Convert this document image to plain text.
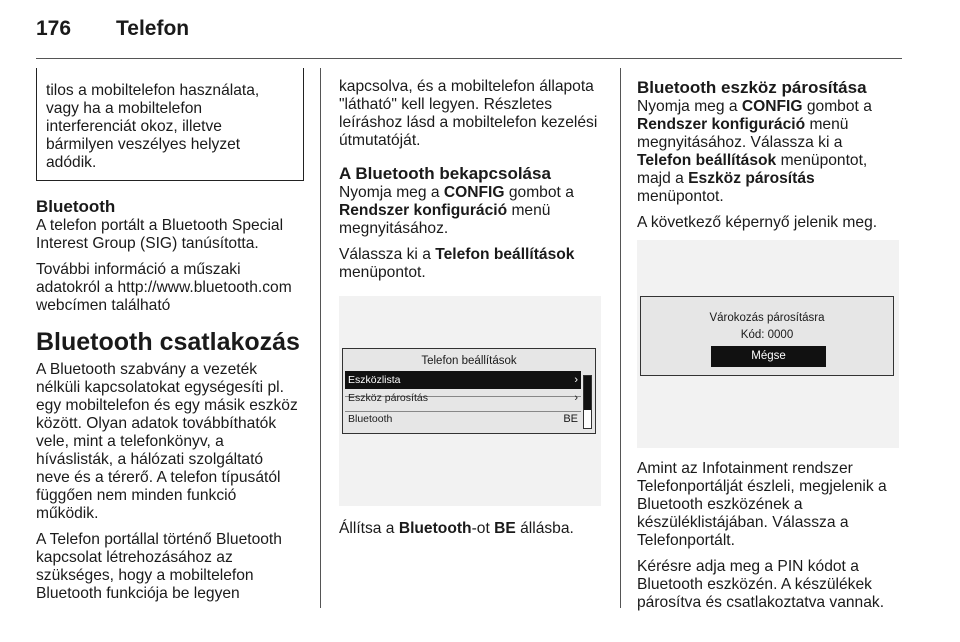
176 Telefon
tilos a mobiltelefon használata,
vagy ha a mobiltelefon
interferenciát okoz, illetve
bármilyen veszélyes helyzet
adódik.
Bluetooth

A telefon portált a Bluetooth Special
Interest Group (SIG) tanúsította.

További információ a műszaki
adatokról a http://www.bluetooth.com
webcímen található

Bluetooth csatlakozás

A Bluetooth szabvány a vezeték
nélküli kapcsolatokat egységesíti pl.
egy mobiltelefon és egy másik eszköz
között. Olyan adatok továbbíthatók
vele, mint a telefonkönyv, a
híváslisták, a hálózati szolgáltató
neve és a térerő. A telefon típusától
függően nem minden funkció
működik.

A Telefon portállal történő Bluetooth
kapcsolat létrehozásához az
szükséges, hogy a mobiltelefon
Bluetooth funkciója be legyen

kapcsolva, és a mobiltelefon állapota
"látható" kell legyen. Részletes
leíráshoz lásd a mobiltelefon kezelési
útmutatóját.

A Bluetooth bekapcsolása

Nyomja meg a CONFIG gombot a
Rendszer konfiguráció menü
megnyitásához.

Válassza ki a Telefon beállítások
menüpontot.

Telefon beállítások
Eszközlista	›
Eszköz párosítás	›
Bluetooth	BE

Állítsa a Bluetooth-ot BE állásba.

Bluetooth eszköz párosítása

Nyomja meg a CONFIG gombot a
Rendszer konfiguráció menü
megnyitásához. Válassza ki a
Telefon beállítások menüpontot,
majd a Eszköz párosítás menüpontot.

A következő képernyő jelenik meg.

Várokozás párosításra
Kód: 0000
Mégse

Amint az Infotainment rendszer
Telefonportálját észleli, megjelenik a
Bluetooth eszközének a
készüléklistájában. Válassza a
Telefonportált.

Kérésre adja meg a PIN kódot a
Bluetooth eszközén. A készülékek
párosítva és csatlakoztatva vannak.
